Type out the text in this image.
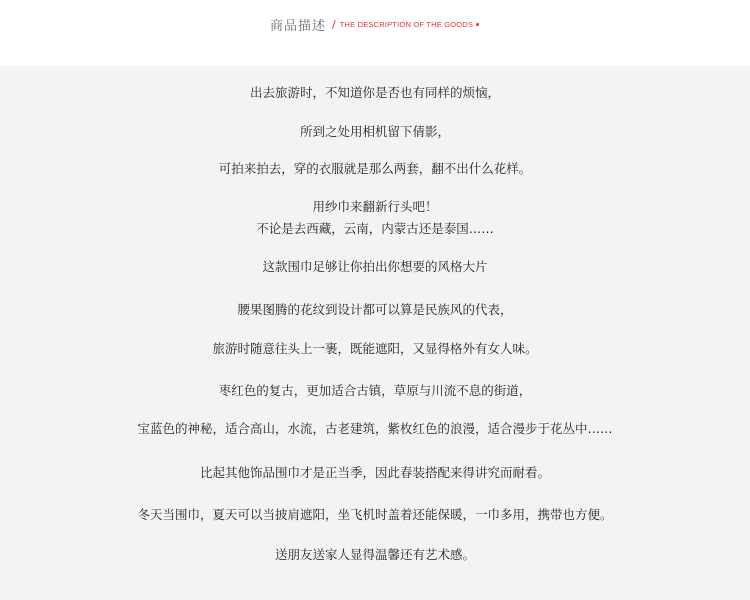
商品描述 / THE DESCRIPTION OF THE GOODS
出去旅游时，不知道你是否也有同样的烦恼，
所到之处用相机留下倩影，
可拍来拍去，穿的衣服就是那么两套，翻不出什么花样。
用纱巾来翻新行头吧！
不论是去西藏，云南，内蒙古还是泰国……
这款围巾足够让你拍出你想要的风格大片
腰果图腾的花纹到设计都可以算是民族风的代表，
旅游时随意往头上一裹，既能遮阳，又显得格外有女人味。
枣红色的复古，更加适合古镇，草原与川流不息的街道，
宝蓝色的神秘，适合高山，水流，古老建筑，紫枚红色的浪漫，适合漫步于花丛中……
比起其他饰品围巾才是正当季，因此春装搭配来得讲究而耐看。
冬天当围巾，夏天可以当披肩遮阳，坐飞机时盖着还能保暖，一巾多用，携带也方便。
送朋友送家人显得温馨还有艺术感。
